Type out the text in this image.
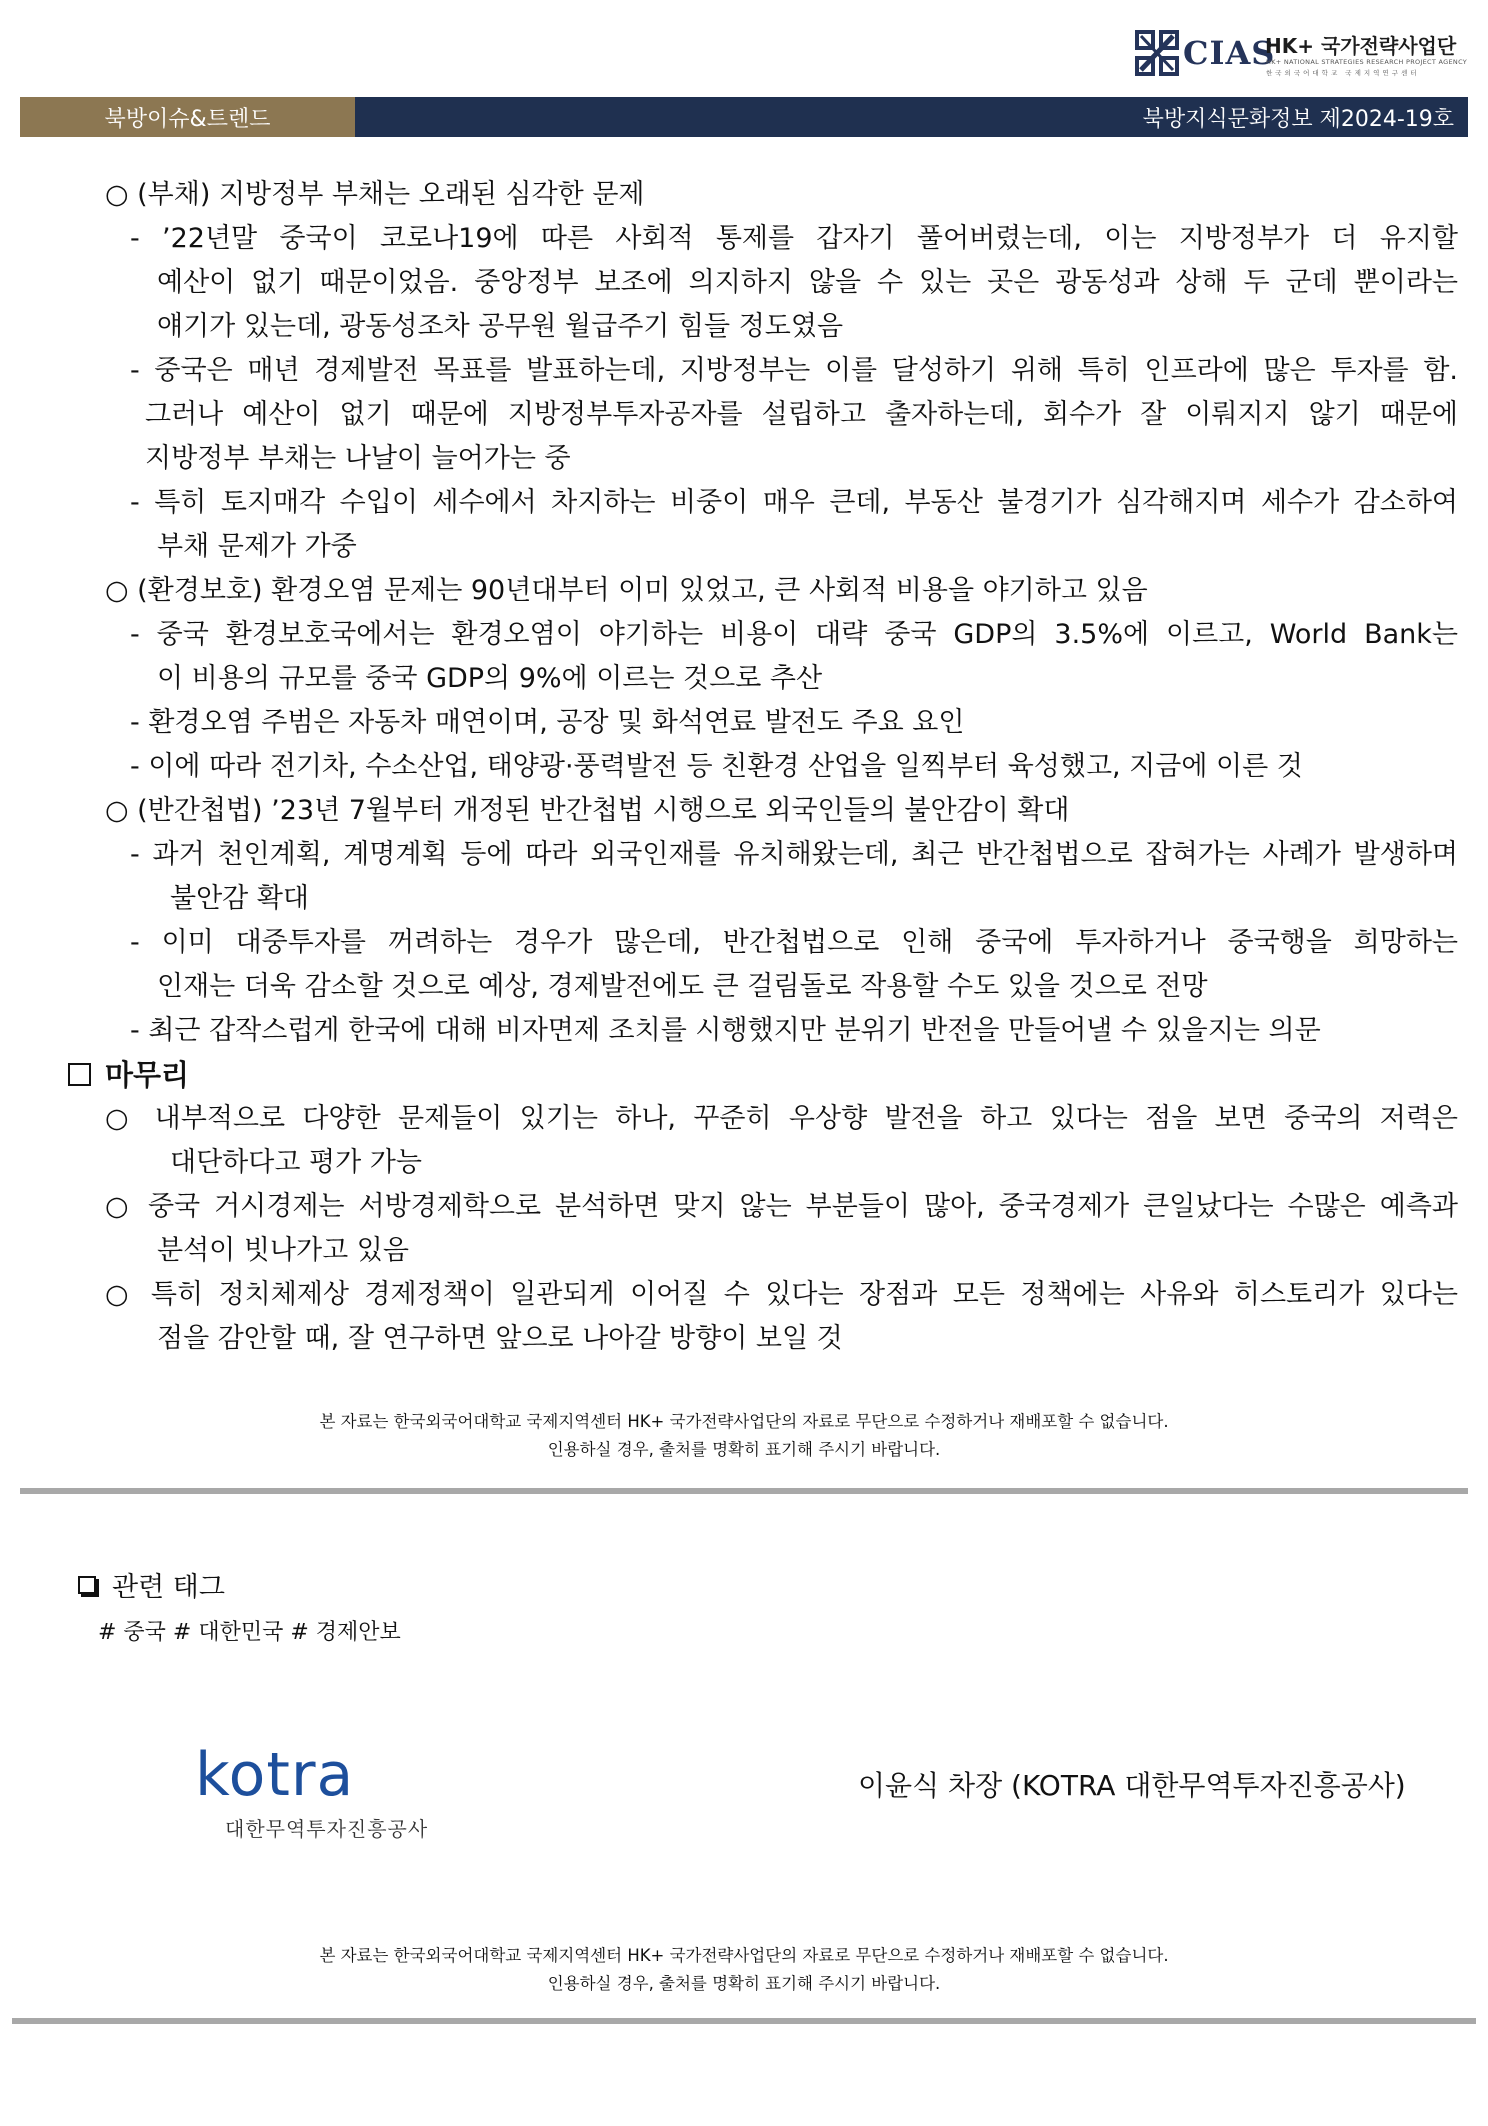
CIAS
HK+ 국가전략사업단
HK+ NATIONAL STRATEGIES RESEARCH PROJECT AGENCY
한국외국어대학교 국제지역연구센터
북방이슈&트렌드	북방지식문화정보 제2024-19호
○ (부채) 지방정부 부채는 오래된 심각한 문제
- ’22년말 중국이 코로나19에 따른 사회적 통제를 갑자기 풀어버렸는데, 이는 지방정부가 더 유지할
예산이 없기 때문이었음. 중앙정부 보조에 의지하지 않을 수 있는 곳은 광동성과 상해 두 군데 뿐이라는
얘기가 있는데, 광동성조차 공무원 월급주기 힘들 정도였음
- 중국은 매년 경제발전 목표를 발표하는데, 지방정부는 이를 달성하기 위해 특히 인프라에 많은 투자를 함.
그러나 예산이 없기 때문에 지방정부투자공자를 설립하고 출자하는데, 회수가 잘 이뤄지지 않기 때문에
지방정부 부채는 나날이 늘어가는 중
- 특히 토지매각 수입이 세수에서 차지하는 비중이 매우 큰데, 부동산 불경기가 심각해지며 세수가 감소하여
부채 문제가 가중
○ (환경보호) 환경오염 문제는 90년대부터 이미 있었고, 큰 사회적 비용을 야기하고 있음
- 중국 환경보호국에서는 환경오염이 야기하는 비용이 대략 중국 GDP의 3.5%에 이르고, World Bank는
이 비용의 규모를 중국 GDP의 9%에 이르는 것으로 추산
- 환경오염 주범은 자동차 매연이며, 공장 및 화석연료 발전도 주요 요인
- 이에 따라 전기차, 수소산업, 태양광·풍력발전 등 친환경 산업을 일찍부터 육성했고, 지금에 이른 것
○ (반간첩법) ’23년 7월부터 개정된 반간첩법 시행으로 외국인들의 불안감이 확대
- 과거 천인계획, 계명계획 등에 따라 외국인재를 유치해왔는데, 최근 반간첩법으로 잡혀가는 사례가 발생하며
불안감 확대
- 이미 대중투자를 꺼려하는 경우가 많은데, 반간첩법으로 인해 중국에 투자하거나 중국행을 희망하는
인재는 더욱 감소할 것으로 예상, 경제발전에도 큰 걸림돌로 작용할 수도 있을 것으로 전망
- 최근 갑작스럽게 한국에 대해 비자면제 조치를 시행했지만 분위기 반전을 만들어낼 수 있을지는 의문
마무리
○ 내부적으로 다양한 문제들이 있기는 하나, 꾸준히 우상향 발전을 하고 있다는 점을 보면 중국의 저력은
대단하다고 평가 가능
○ 중국 거시경제는 서방경제학으로 분석하면 맞지 않는 부분들이 많아, 중국경제가 큰일났다는 수많은 예측과
분석이 빗나가고 있음
○ 특히 정치체제상 경제정책이 일관되게 이어질 수 있다는 장점과 모든 정책에는 사유와 히스토리가 있다는
점을 감안할 때, 잘 연구하면 앞으로 나아갈 방향이 보일 것
본 자료는 한국외국어대학교 국제지역센터 HK+ 국가전략사업단의 자료로 무단으로 수정하거나 재배포할 수 없습니다.
인용하실 경우, 출처를 명확히 표기해 주시기 바랍니다.
관련 태그
# 중국 # 대한민국 # 경제안보
kotra
대한무역투자진흥공사
이윤식 차장 (KOTRA 대한무역투자진흥공사)
본 자료는 한국외국어대학교 국제지역센터 HK+ 국가전략사업단의 자료로 무단으로 수정하거나 재배포할 수 없습니다.
인용하실 경우, 출처를 명확히 표기해 주시기 바랍니다.
